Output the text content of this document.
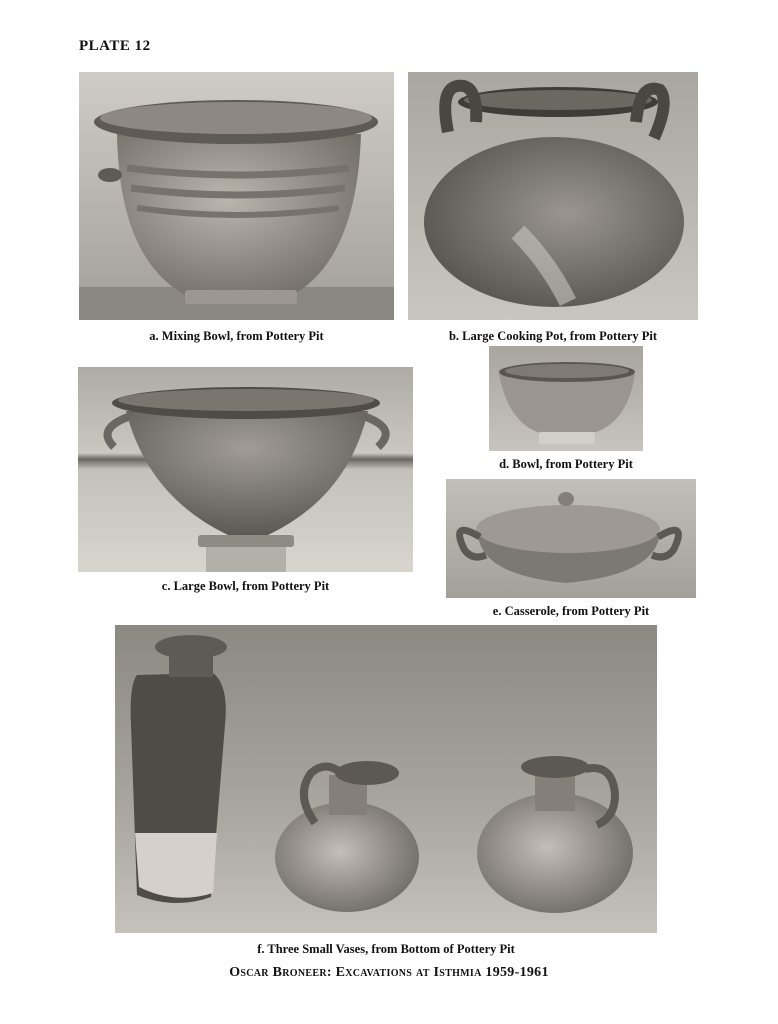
PLATE 12
a. Mixing Bowl, from Pottery Pit	b. Large Cooking Pot, from Pottery Pit
c. Large Bowl, from Pottery Pit
d. Bowl, from Pottery Pit
e. Casserole, from Pottery Pit
f. Three Small Vases, from Bottom of Pottery Pit
Oscar Broneer: Excavations at Isthmia 1959-1961
